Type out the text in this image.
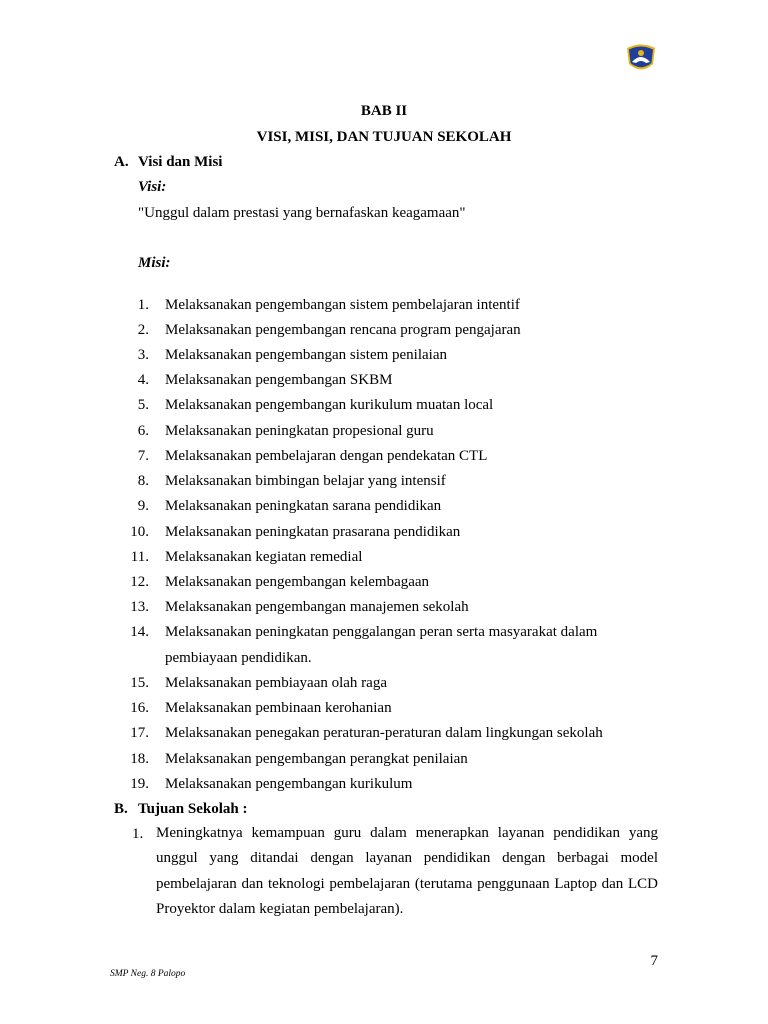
BAB II
VISI, MISI, DAN TUJUAN SEKOLAH
A. Visi dan Misi
Visi:
"Unggul dalam prestasi yang bernafaskan keagamaan"
Misi:
1. Melaksanakan pengembangan sistem pembelajaran intentif
2. Melaksanakan pengembangan rencana program pengajaran
3. Melaksanakan pengembangan sistem penilaian
4. Melaksanakan pengembangan SKBM
5. Melaksanakan pengembangan kurikulum muatan local
6. Melaksanakan peningkatan propesional guru
7. Melaksanakan pembelajaran dengan pendekatan CTL
8. Melaksanakan bimbingan belajar yang intensif
9. Melaksanakan peningkatan sarana pendidikan
10. Melaksanakan peningkatan prasarana pendidikan
11. Melaksanakan kegiatan remedial
12. Melaksanakan pengembangan kelembagaan
13. Melaksanakan pengembangan manajemen sekolah
14. Melaksanakan peningkatan penggalangan peran serta masyarakat dalam
pembiayaan pendidikan.
15. Melaksanakan pembiayaan olah raga
16. Melaksanakan pembinaan kerohanian
17. Melaksanakan penegakan peraturan-peraturan dalam lingkungan sekolah
18. Melaksanakan pengembangan perangkat penilaian
19. Melaksanakan pengembangan kurikulum
B. Tujuan Sekolah :
1. Meningkatnya kemampuan guru dalam menerapkan layanan pendidikan yang unggul yang ditandai dengan layanan pendidikan dengan berbagai model pembelajaran dan teknologi pembelajaran (terutama penggunaan Laptop dan LCD Proyektor dalam kegiatan pembelajaran).
7
SMP Neg. 8 Palopo
